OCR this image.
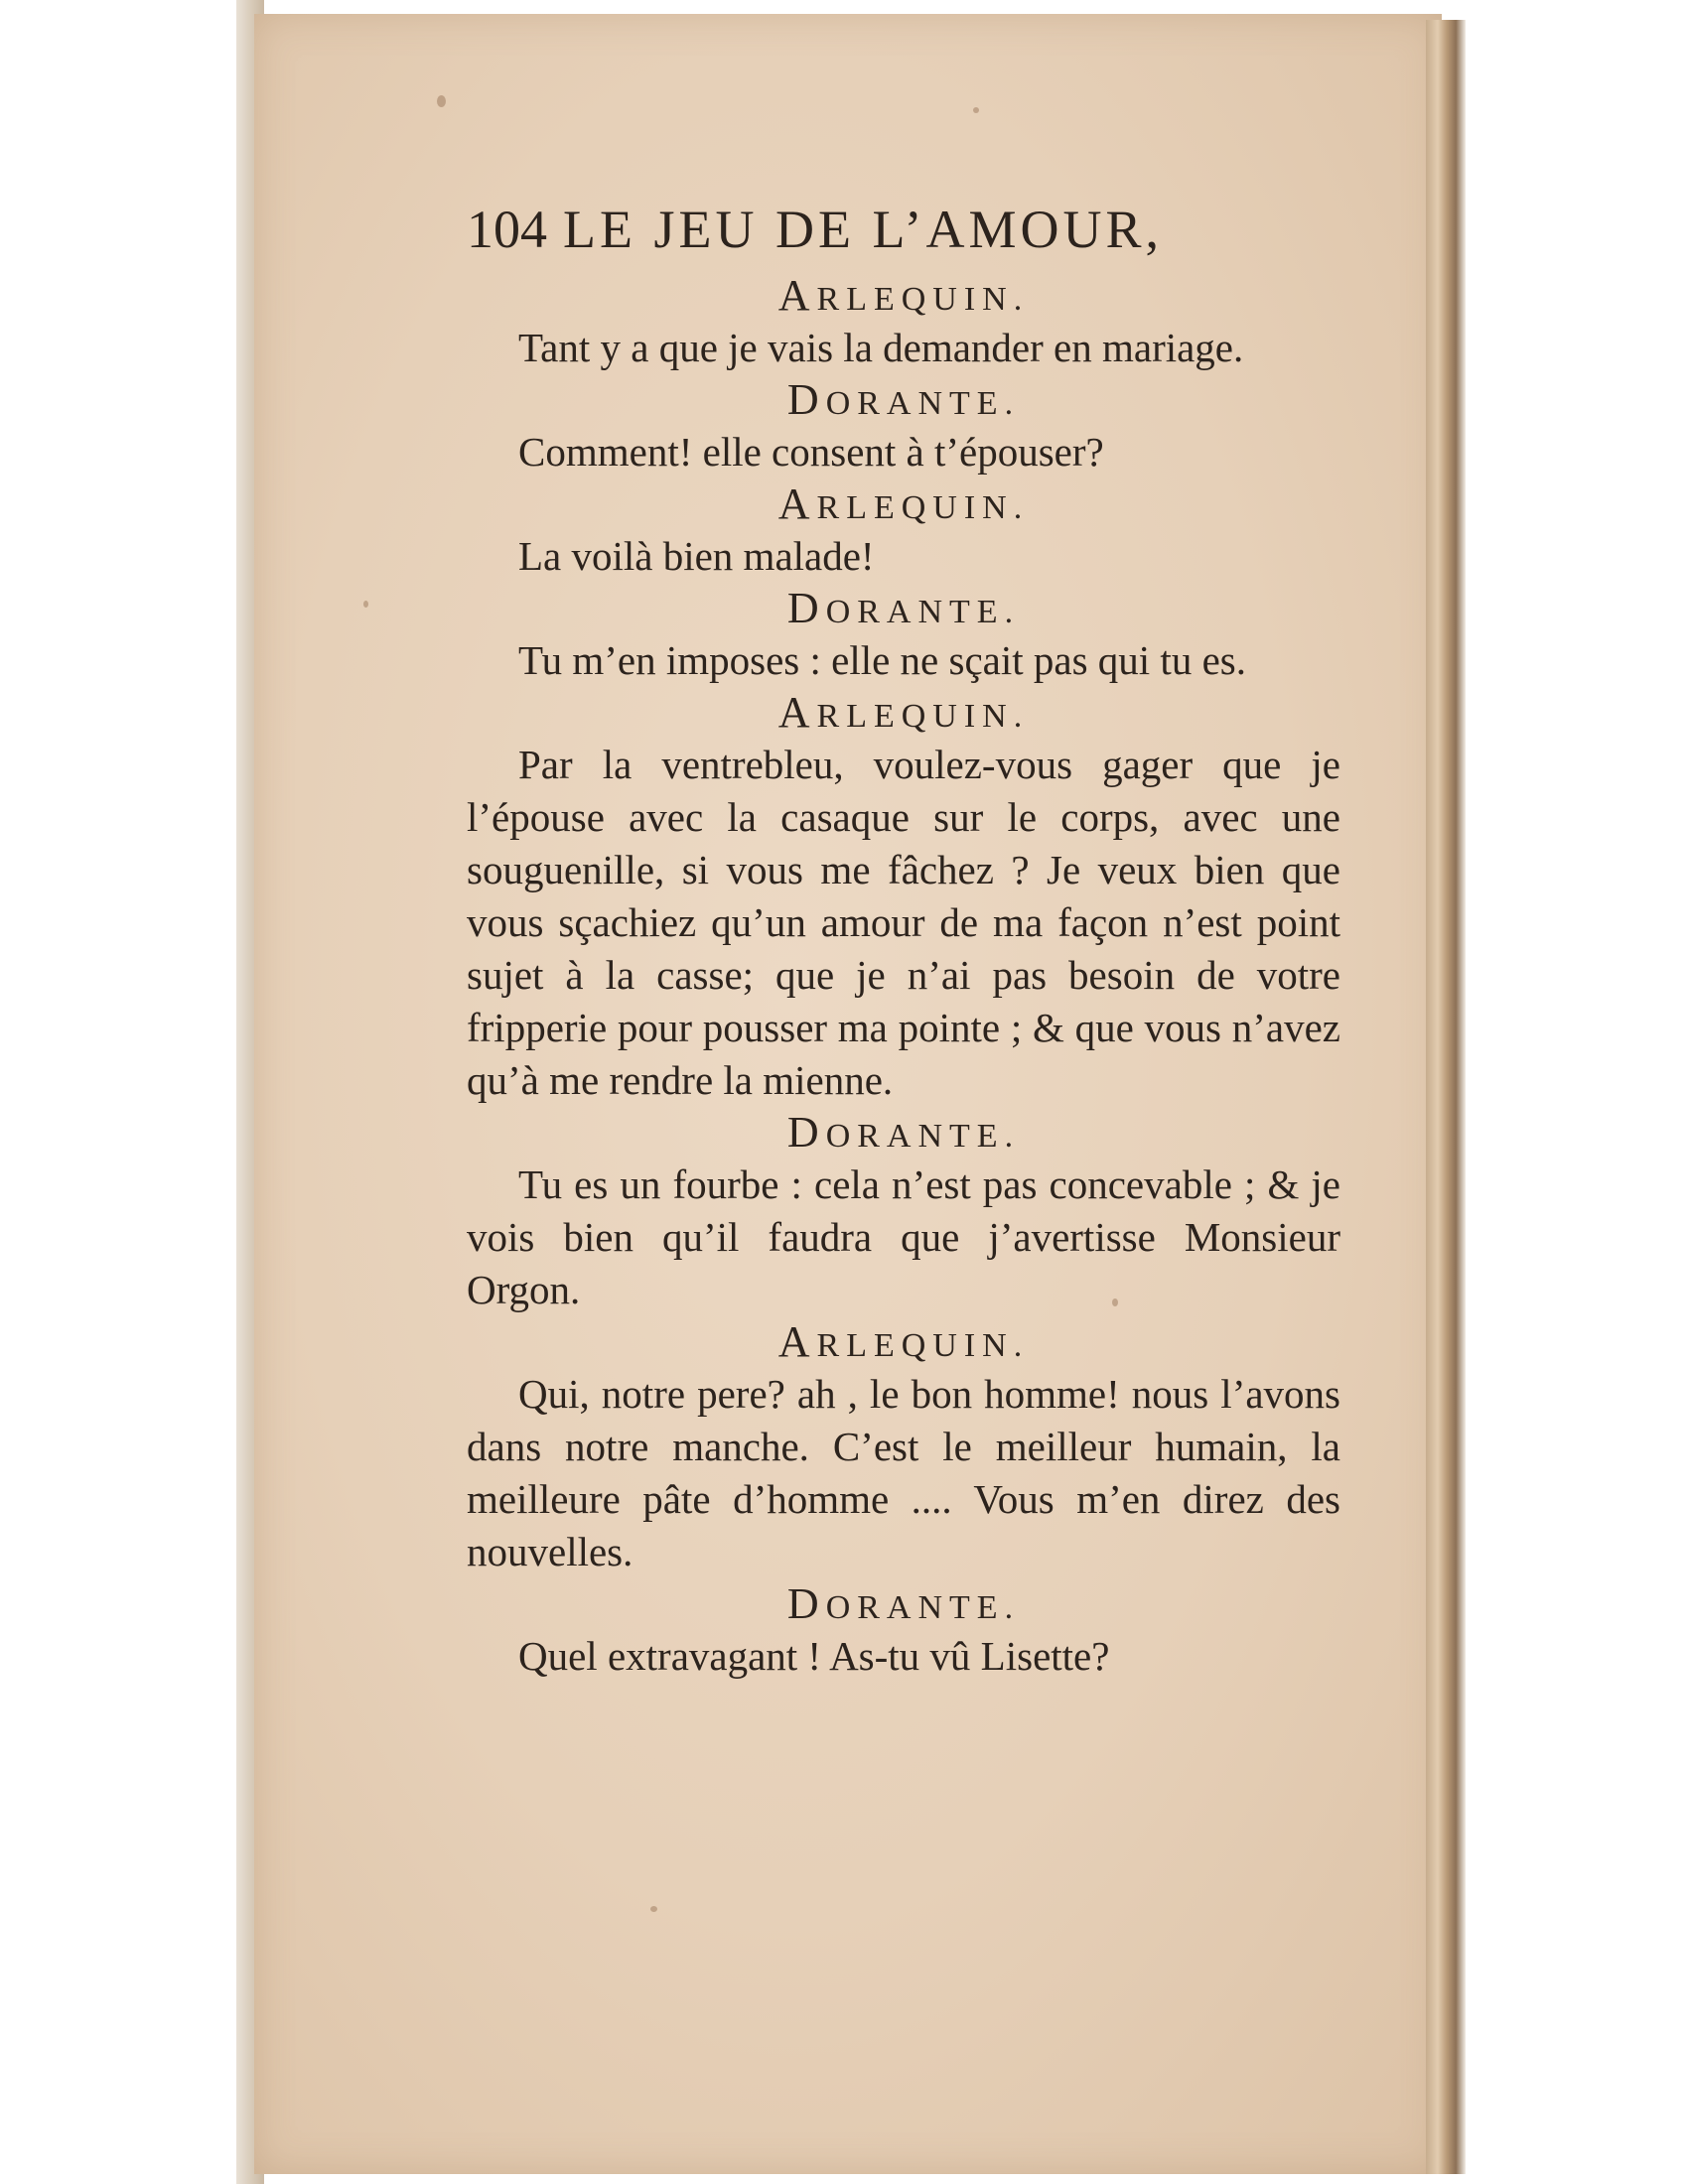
104 LE JEU DE L’AMOUR,
ARLEQUIN.
Tant y a que je vais la demander en mariage.
DORANTE.
Comment! elle consent à t’épouser?
ARLEQUIN.
La voilà bien malade!
DORANTE.
Tu m’en imposes : elle ne sçait pas qui tu es.
ARLEQUIN.
Par la ventrebleu, voulez-vous gager que je l’épouse avec la casaque sur le corps, avec une souguenille, si vous me fâchez ? Je veux bien que vous sçachiez qu’un amour de ma façon n’est point sujet à la casse; que je n’ai pas besoin de votre fripperie pour pousser ma pointe ; & que vous n’avez qu’à me rendre la mienne.
DORANTE.
Tu es un fourbe : cela n’est pas concevable ; & je vois bien qu’il faudra que j’avertisse Monsieur Orgon.
ARLEQUIN.
Qui, notre pere? ah , le bon homme! nous l’avons dans notre manche. C’est le meilleur humain, la meilleure pâte d’homme .... Vous m’en direz des nouvelles.
DORANTE.
Quel extravagant ! As-tu vû Lisette?
